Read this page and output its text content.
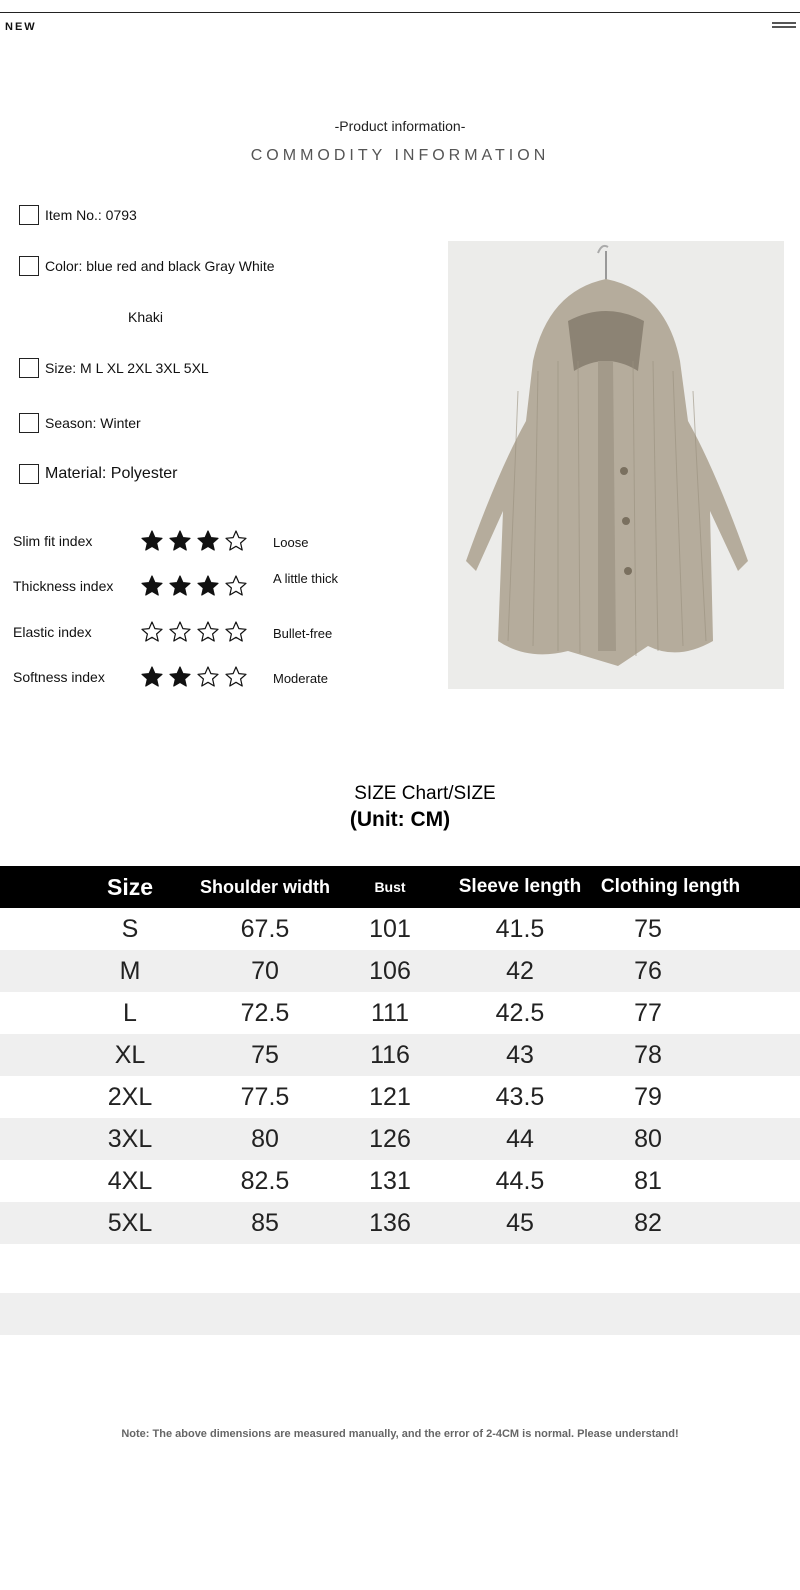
NEW
-Product information-
COMMODITY INFORMATION
Item No.: 0793
Color: blue red and black Gray White
Khaki
Size: M L XL 2XL 3XL 5XL
Season: Winter
Material: Polyester
Slim fit index	Loose
Thickness index	A little thick
Elastic index	Bullet-free
Softness index	Moderate
SIZE Chart/SIZE
(Unit: CM)
Size	Shoulder width	Bust	Sleeve length	Clothing length
S	67.5	101	41.5	75
M	70	106	42	76
L	72.5	111	42.5	77
XL	75	116	43	78
2XL	77.5	121	43.5	79
3XL	80	126	44	80
4XL	82.5	131	44.5	81
5XL	85	136	45	82
Note: The above dimensions are measured manually, and the error of 2-4CM is normal. Please understand!
